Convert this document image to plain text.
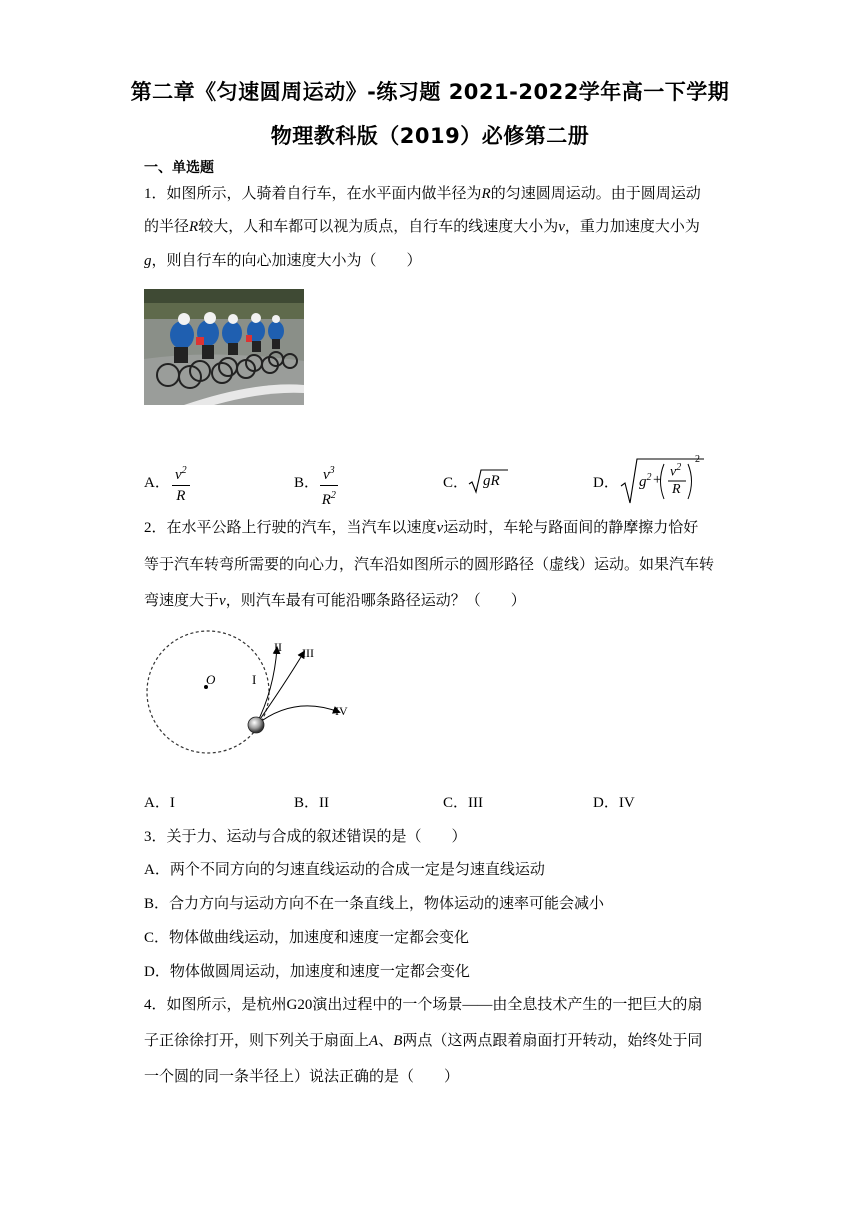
第二章《匀速圆周运动》-练习题 2021-2022学年高一下学期
物理教科版（2019）必修第二册
一、单选题
1．如图所示，人骑着自行车，在水平面内做半径为R的匀速圆周运动。由于圆周运动
的半径R较大，人和车都可以视为质点，自行车的线速度大小为v，重力加速度大小为
g，则自行车的向心加速度大小为（　　）
A． $\frac{v^2}{R}$	B． $\frac{v^3}{R^2}$	C． gR	D． $g^2 + v^2$
R
2
2．在水平公路上行驶的汽车，当汽车以速度v运动时，车轮与路面间的静摩擦力恰好
等于汽车转弯所需要的向心力，汽车沿如图所示的圆形路径（虚线）运动。如果汽车转
弯速度大于v，则汽车最有可能沿哪条路径运动？（　　）
O	I
II III
IV
A．I	B．II	C．III	D．IV
3．关于力、运动与合成的叙述错误的是（　　）
A．两个不同方向的匀速直线运动的合成一定是匀速直线运动
B．合力方向与运动方向不在一条直线上，物体运动的速率可能会减小
C．物体做曲线运动，加速度和速度一定都会变化
D．物体做圆周运动，加速度和速度一定都会变化
4．如图所示，是杭州G20演出过程中的一个场景——由全息技术产生的一把巨大的扇
子正徐徐打开，则下列关于扇面上A、B两点（这两点跟着扇面打开转动，始终处于同
一个圆的同一条半径上）说法正确的是（　　）
